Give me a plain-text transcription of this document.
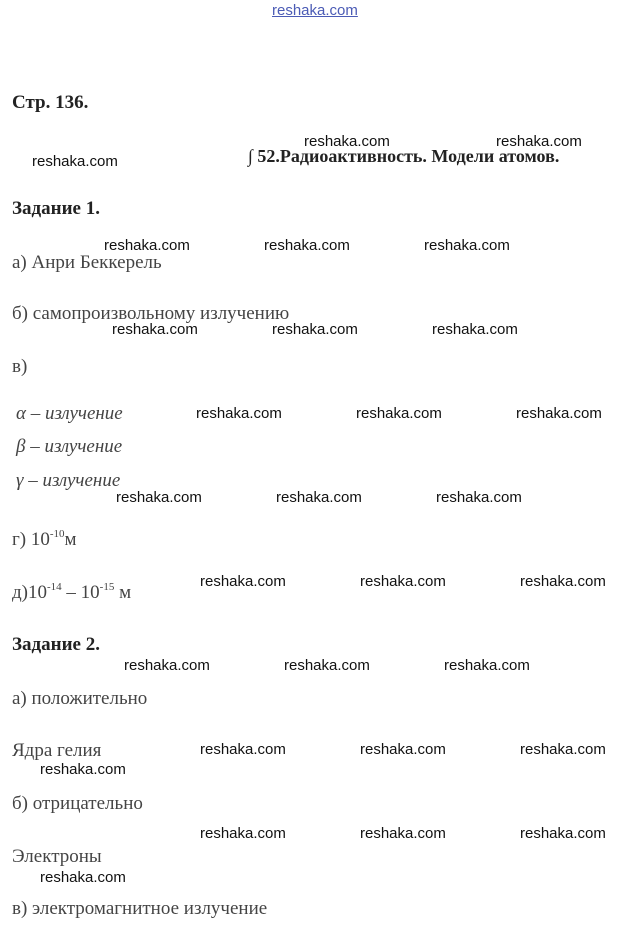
reshaka.com
Стр. 136.
∫ 52.Радиоактивность. Модели атомов.
Задание 1.
а) Анри Беккерель
б) самопроизвольному излучению
в)
α – излучение
β – излучение
γ – излучение
г) $10^{-10}м$
$д)10^{-14} - 10^{-15}$ м
Задание 2.
а) положительно
Ядра гелия
б) отрицательно
Электроны
в) электромагнитное излучение
reshaka.com	reshaka.com
reshaka.com
reshaka.com	reshaka.com	reshaka.com
reshaka.com	reshaka.com	reshaka.com
reshaka.com	reshaka.com	reshaka.com
reshaka.com	reshaka.com	reshaka.com
reshaka.com	reshaka.com	reshaka.com
reshaka.com	reshaka.com	reshaka.com
reshaka.com	reshaka.com	reshaka.com
reshaka.com
reshaka.com	reshaka.com	reshaka.com
reshaka.com
